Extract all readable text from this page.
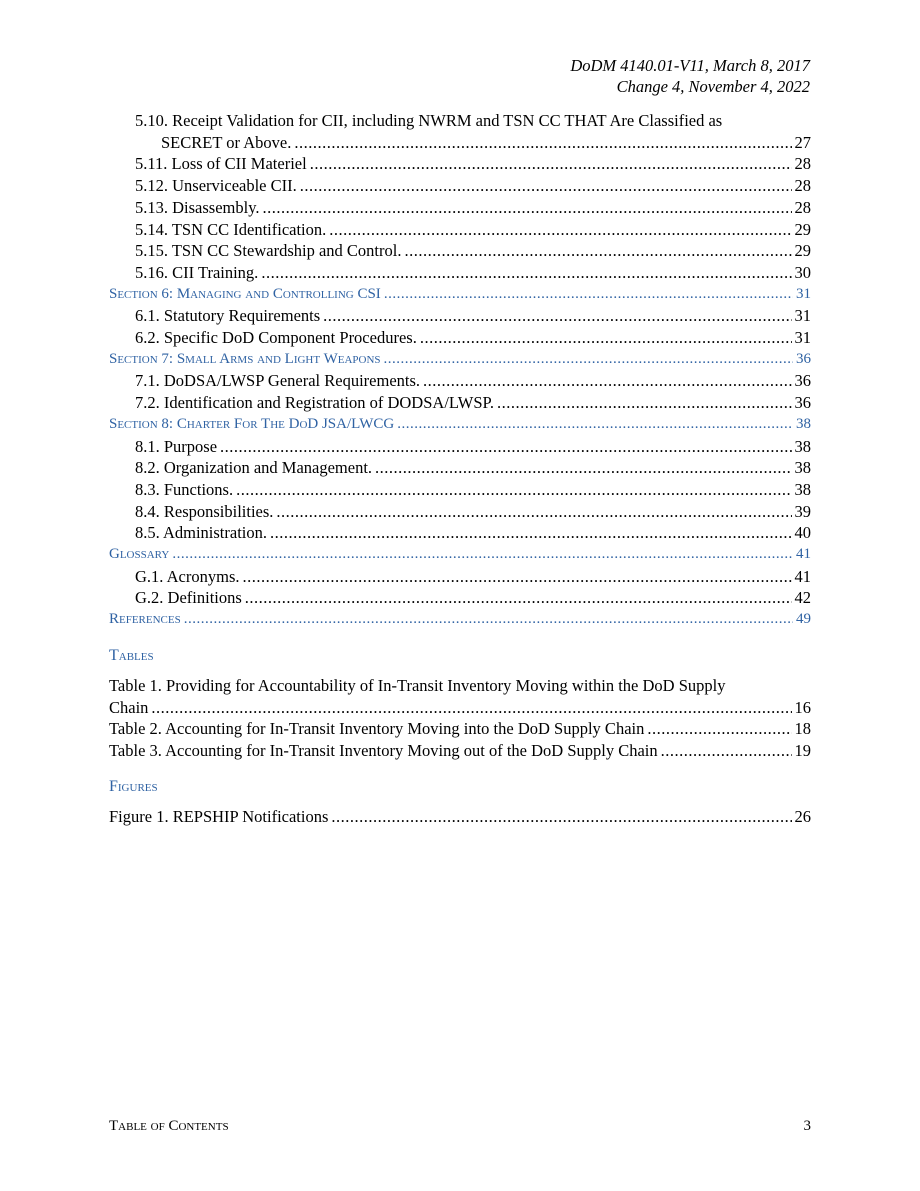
DoDM 4140.01-V11, March 8, 2017
Change 4, November 4, 2022
5.10. Receipt Validation for CII, including NWRM and TSN CC THAT Are Classified as
SECRET or Above. .....	27
5.11. Loss of CII Materiel .....	28
5.12. Unserviceable CII. .....	28
5.13. Disassembly. .....	28
5.14. TSN CC Identification. .....	29
5.15. TSN CC Stewardship and Control. .....	29
5.16. CII Training. .....	30
Section 6: Managing and Controlling CSI .....	31
6.1. Statutory Requirements .....	31
6.2. Specific DoD Component Procedures. .....	31
Section 7: Small Arms and Light Weapons .....	36
7.1. DoDSA/LWSP General Requirements. .....	36
7.2. Identification and Registration of DODSA/LWSP. .....	36
Section 8: Charter For The DoD JSA/LWCG .....	38
8.1. Purpose .....	38
8.2. Organization and Management. .....	38
8.3. Functions. .....	38
8.4. Responsibilities. .....	39
8.5. Administration. .....	40
Glossary .....	41
G.1. Acronyms. .....	41
G.2. Definitions .....	42
References .....	49
Tables
Table 1. Providing for Accountability of In-Transit Inventory Moving within the DoD Supply
Chain .....	16
Table 2. Accounting for In-Transit Inventory Moving into the DoD Supply Chain .....	18
Table 3. Accounting for In-Transit Inventory Moving out of the DoD Supply Chain .....	19
Figures
Figure 1. REPSHIP Notifications .....	26
Table of Contents	3
